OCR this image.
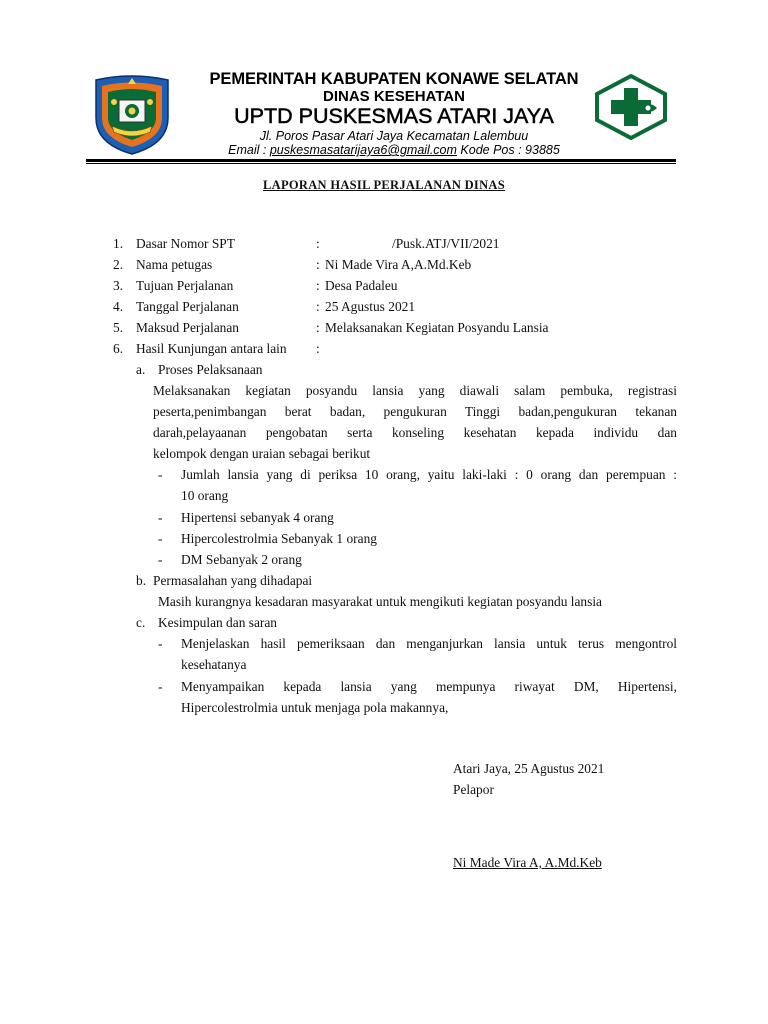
PEMERINTAH KABUPATEN KONAWE SELATAN
DINAS KESEHATAN
UPTD PUSKESMAS ATARI JAYA
Jl. Poros Pasar Atari Jaya Kecamatan Lalembuu
Email : puskesmasatarijaya6@gmail.com Kode Pos : 93885
LAPORAN HASIL PERJALANAN DINAS
1. Dasar Nomor SPT	:	/Pusk.ATJ/VII/2021
2. Nama petugas	: Ni Made Vira A,A.Md.Keb
3. Tujuan Perjalanan	: Desa Padaleu
4. Tanggal Perjalanan	: 25 Agustus 2021
5. Maksud Perjalanan	: Melaksanakan Kegiatan Posyandu Lansia
6. Hasil Kunjungan antara lain :
a. Proses Pelaksanaan
Melaksanakan kegiatan posyandu lansia yang diawali salam pembuka, registrasi
peserta,penimbangan berat badan, pengukuran Tinggi badan,pengukuran tekanan
darah,pelayaanan pengobatan serta konseling kesehatan kepada individu dan
kelompok dengan uraian sebagai berikut
- Jumlah lansia yang di periksa 10 orang, yaitu laki-laki : 0 orang dan perempuan :
10 orang
- Hipertensi sebanyak 4 orang
- Hipercolestrolmia Sebanyak 1 orang
- DM Sebanyak 2 orang
b. Permasalahan yang dihadapai
Masih kurangnya kesadaran masyarakat untuk mengikuti kegiatan posyandu lansia
c. Kesimpulan dan saran
- Menjelaskan hasil pemeriksaan dan menganjurkan lansia untuk terus mengontrol
kesehatanya
- Menyampaikan kepada lansia yang mempunya riwayat DM, Hipertensi,
Hipercolestrolmia untuk menjaga pola makannya,
Atari Jaya, 25 Agustus 2021
Pelapor
Ni Made Vira A, A.Md.Keb
